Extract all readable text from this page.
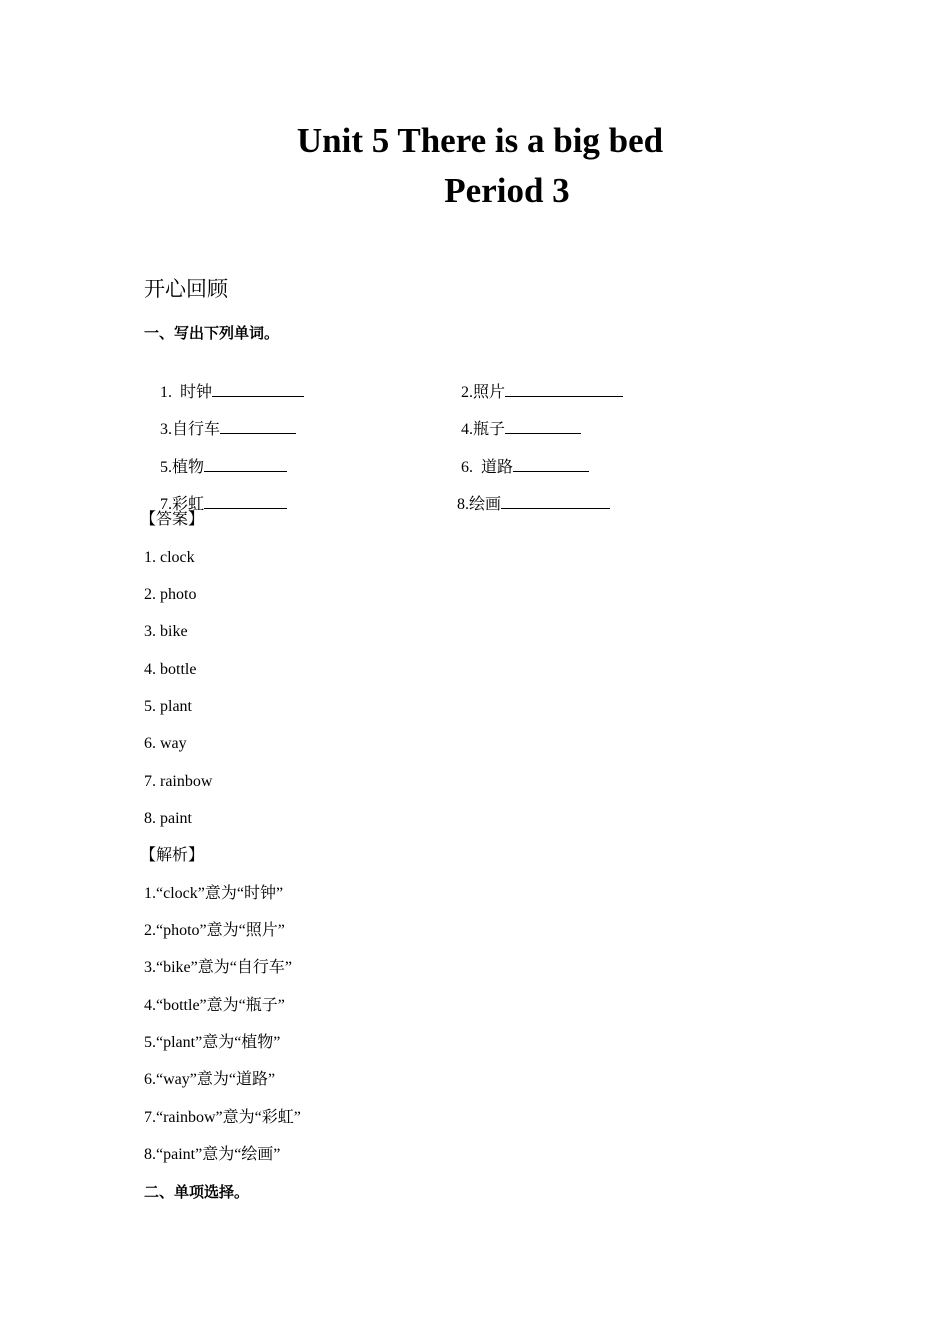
Unit 5 There is a big bed
Period 3
开心回顾
一、写出下列单词。

1.  时钟
	2.照片

3.自行车
	4.瓶子

5.植物
	6.  道路

7.彩虹
	8.绘画

【答案】
1. clock
2. photo
3. bike
4. bottle
5. plant
6. way
7. rainbow
8. paint
【解析】
1.“clock”意为“时钟”
2.“photo”意为“照片”
3.“bike”意为“自行车”
4.“bottle”意为“瓶子”
5.“plant”意为“植物”
6.“way”意为“道路”
7.“rainbow”意为“彩虹”
8.“paint”意为“绘画”
二、单项选择。
